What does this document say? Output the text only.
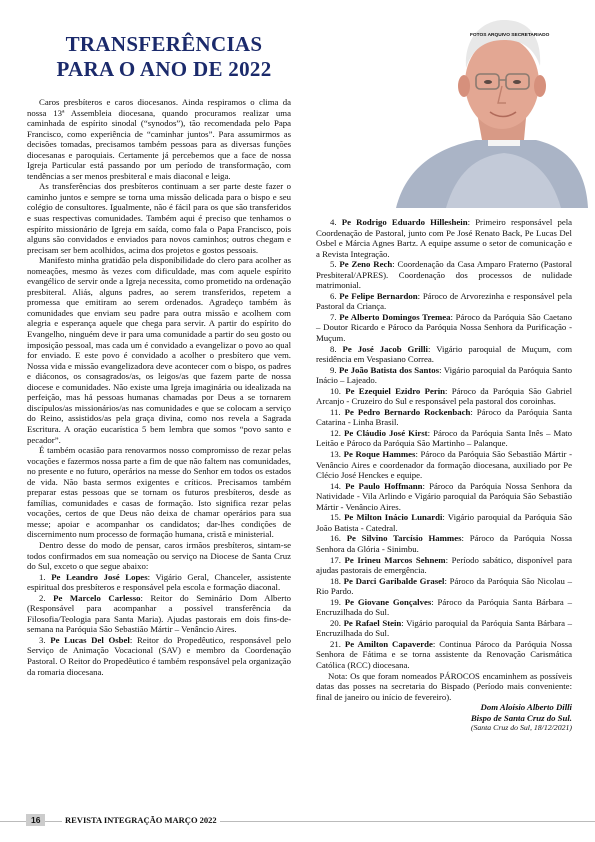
TRANSFERÊNCIAS
PARA O ANO DE 2022
FOTOS ARQUIVO SECRETARIADO

Caros presbíteros e caros diocesanos. Ainda respiramos o clima da nossa 13ª Assembleia diocesana, quando procuramos realizar uma caminhada de espírito sinodal (“synodos”), tão recomendada pelo Papa Francisco, como experiência de “caminhar juntos”. Para assumirmos as decisões tomadas, precisamos também pessoas para as diversas funções diocesanas e paroquiais. Certamente já percebemos que a face de nossa Igreja Particular está passando por um período de transformação, com tendências a ser menos presbiteral e mais diaconal e leiga.

As transferências dos presbíteros continuam a ser parte deste fazer o caminho juntos e sempre se torna uma missão delicada para o bispo e seu colégio de consultores. Igualmente, não é fácil para os que são transferidos e suas respectivas comunidades. Também aqui é preciso que tenhamos o espírito missionário de Igreja em saída, como fala o Papa Francisco, pois alguns são convidados e enviados para novos caminhos; outros chegam e precisam ser bem acolhidos, acima dos projetos e gostos pessoais.

Manifesto minha gratidão pela disponibilidade do clero para acolher as nomeações, mesmo às vezes com dificuldade, mas com aquele espírito evangélico de servir onde a Igreja necessita, como prometido na ordenação presbiteral. Aliás, alguns padres, ao serem transferidos, repetem a promessa que emitiram ao serem ordenados. Agradeço também às comunidades que enviam seu padre para outra missão e acolhem com alegria e esperança aquele que chega para servir. A partir do espírito do Evangelho, ninguém deve ir para uma comunidade a partir do seu gosto ou imposição pessoal, mas cada um é convidado a evangelizar o povo ao qual for enviado. E este povo é convidado a acolher o presbítero que vem. Nossa vida e missão evangelizadora deve acontecer com o bispo, os padres e diáconos, os consagrados/as, os leigos/as que fazem parte de nossa diocese e comunidades. Não existe uma Igreja imaginária ou idealizada na perfeição, mas há pessoas humanas chamadas por Deus a se tornarem discípulos/as missionários/as nas comunidades e que se colocam a serviço do Reino, assistidos/as pela graça divina, como nos revela a Sagrada Escritura. A oração eucarística 5 bem lembra que somos “povo santo e pecador”.

É também ocasião para renovarmos nosso compromisso de rezar pelas vocações e fazermos nossa parte a fim de que não faltem nas comunidades, no presente e no futuro, operários na messe do Senhor em todos os estados de vida. Não basta sermos exigentes e críticos. Precisamos também preparar estas pessoas que se tornam os futuros presbíteros, desde as famílias, comunidades e casas de formação. Isto significa rezar pelas vocações, certos de que Deus não deixa de chamar operários para sua messe; apoiar e acompanhar os candidatos; dar-lhes condições de discernimento num processo de formação humana, cristã e ministerial.

Dentro desse do modo de pensar, caros irmãos presbíteros, sintam-se todos confirmados em sua nomeação ou serviço na Diocese de Santa Cruz do Sul, exceto o que segue abaixo:

1. Pe Leandro José Lopes: Vigário Geral, Chanceler, assistente espiritual dos presbíteros e responsável pela escola e formação diaconal.

2. Pe Marcelo Carlesso: Reitor do Seminário Dom Alberto (Responsável para acompanhar a possível transferência da Filosofia/Teologia para Santa Maria). Ajudas pastorais em dois fins-de-semana na Paróquia São Sebastião Mártir – Venâncio Aires.

3. Pe Lucas Del Osbel: Reitor do Propedêutico, responsável pelo Serviço de Animação Vocacional (SAV) e membro da Coordenação Pastoral. O Reitor do Propedêutico é também responsável pela organização da romaria diocesana.

4. Pe Rodrigo Eduardo Hilleshein: Primeiro responsável pela Coordenação de Pastoral, junto com Pe José Renato Back, Pe Lucas Del Osbel e Márcia Agnes Bartz. A equipe assume o setor de comunicação e a Revista Integração.

5. Pe Zeno Rech: Coordenação da Casa Amparo Fraterno (Pastoral Presbiteral/APRES). Coordenação dos processos de nulidade matrimonial.

6. Pe Felipe Bernardon: Pároco de Arvorezinha e responsável pela Pastoral da Criança.

7. Pe Alberto Domingos Tremea: Pároco da Paróquia São Caetano – Doutor Ricardo e Pároco da Paróquia Nossa Senhora da Purificação - Muçum.

8. Pe José Jacob Grilli: Vigário paroquial de Muçum, com residência em Vespasiano Correa.

9. Pe João Batista dos Santos: Vigário paroquial da Paróquia Santo Inácio – Lajeado.

10. Pe Ezequiel Ezidro Perin: Pároco da Paróquia São Gabriel Arcanjo - Cruzeiro do Sul e responsável pela pastoral dos coroinhas.

11. Pe Pedro Bernardo Rockenbach: Pároco da Paróquia Santa Catarina - Linha Brasil.

12. Pe Cláudio José Kirst: Pároco da Paróquia Santa Inês – Mato Leitão e Pároco da Paróquia São Martinho – Palanque.

13. Pe Roque Hammes: Pároco da Paróquia São Sebastião Mártir - Venâncio Aires e coordenador da formação diocesana, auxiliado por Pe Clécio José Henckes e equipe.

14. Pe Paulo Hoffmann: Pároco da Paróquia Nossa Senhora da Natividade - Vila Arlindo e Vigário paroquial da Paróquia São Sebastião Mártir - Venâncio Aires.

15. Pe Milton Inácio Lunardi: Vigário paroquial da Paróquia São João Batista - Catedral.

16. Pe Silvino Tarcísio Hammes: Pároco da Paróquia Nossa Senhora da Glória - Sinimbu.

17. Pe Irineu Marcos Sehnem: Período sabático, disponível para ajudas pastorais de emergência.

18. Pe Darci Garibalde Grasel: Pároco da Paróquia São Nicolau – Rio Pardo.

19. Pe Giovane Gonçalves: Pároco da Paróquia Santa Bárbara – Encruzilhada do Sul.

20. Pe Rafael Stein: Vigário paroquial da Paróquia Santa Bárbara – Encruzilhada do Sul.

21. Pe Amilton Capaverde: Continua Pároco da Paróquia Nossa Senhora de Fátima e se torna assistente da Renovação Carismática Católica (RCC) diocesana.

Nota: Os que foram nomeados PÁROCOS encaminhem as possíveis datas das posses na secretaria do Bispado (Período mais conveniente: final de janeiro ou início de fevereiro).

Dom Aloísio Alberto Dilli

Bispo de Santa Cruz do Sul.

(Santa Cruz do Sul, 18/12/2021)

16	REVISTA INTEGRAÇÃO MARÇO 2022
